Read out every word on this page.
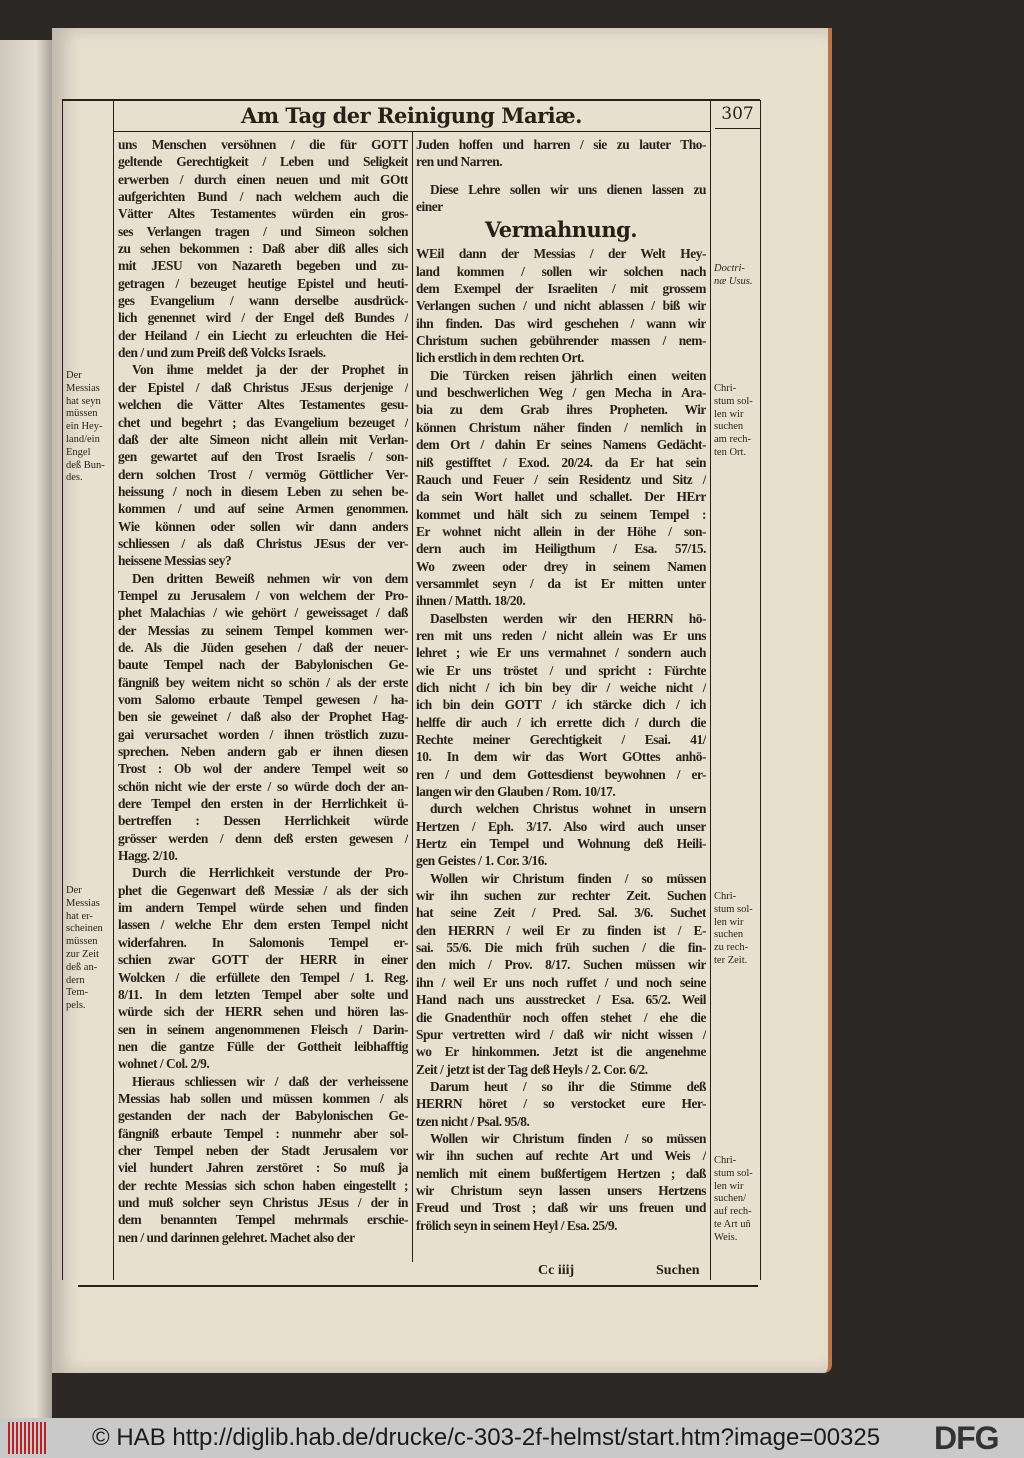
Am Tag der Reinigung Mariæ.	307
uns Menschen versöhnen / die für GOTT
geltende Gerechtigkeit / Leben und Seligkeit
erwerben / durch einen neuen und mit GOtt
aufgerichten Bund / nach welchem auch die
Vätter Altes Testamentes würden ein gros-
ses Verlangen tragen / und Simeon solchen
zu sehen bekommen : Daß aber diß alles sich
mit JESU von Nazareth begeben und zu-
getragen / bezeuget heutige Epistel und heuti-
ges Evangelium / wann derselbe ausdrück-
lich genennet wird / der Engel deß Bundes /
der Heiland / ein Liecht zu erleuchten die Hei-
den / und zum Preiß deß Volcks Israels.
Von ihme meldet ja der der Prophet in
der Epistel / daß Christus JEsus derjenige /
welchen die Vätter Altes Testamentes gesu-
chet und begehrt ; das Evangelium bezeuget /
daß der alte Simeon nicht allein mit Verlan-
gen gewartet auf den Trost Israelis / son-
dern solchen Trost / vermög Göttlicher Ver-
heissung / noch in diesem Leben zu sehen be-
kommen / und auf seine Armen genommen.
Wie können oder sollen wir dann anders
schliessen / als daß Christus JEsus der ver-
heissene Messias sey?
Den dritten Beweiß nehmen wir von dem
Tempel zu Jerusalem / von welchem der Pro-
phet Malachias / wie gehört / geweissaget / daß
der Messias zu seinem Tempel kommen wer-
de. Als die Jüden gesehen / daß der neuer-
baute Tempel nach der Babylonischen Ge-
fängniß bey weitem nicht so schön / als der erste
vom Salomo erbaute Tempel gewesen / ha-
ben sie geweinet / daß also der Prophet Hag-
gai verursachet worden / ihnen tröstlich zuzu-
sprechen. Neben andern gab er ihnen diesen
Trost : Ob wol der andere Tempel weit so
schön nicht wie der erste / so würde doch der an-
dere Tempel den ersten in der Herrlichkeit ü-
bertreffen : Dessen Herrlichkeit würde
grösser werden / denn deß ersten gewesen /
Hagg. 2/10.
Durch die Herrlichkeit verstunde der Pro-
phet die Gegenwart deß Messiæ / als der sich
im andern Tempel würde sehen und finden
lassen / welche Ehr dem ersten Tempel nicht
widerfahren. In Salomonis Tempel er-
schien zwar GOTT der HERR in einer
Wolcken / die erfüllete den Tempel / 1. Reg.
8/11. In dem letzten Tempel aber solte und
würde sich der HERR sehen und hören las-
sen in seinem angenommenen Fleisch / Darin-
nen die gantze Fülle der Gottheit leibhafftig
wohnet / Col. 2/9.
Hieraus schliessen wir / daß der verheissene
Messias hab sollen und müssen kommen / als
gestanden der nach der Babylonischen Ge-
fängniß erbaute Tempel : nunmehr aber sol-
cher Tempel neben der Stadt Jerusalem vor
viel hundert Jahren zerstöret : So muß ja
der rechte Messias sich schon haben eingestellt ;
und muß solcher seyn Christus JEsus / der in
dem benannten Tempel mehrmals erschie-
nen / und darinnen gelehret. Machet also der
Juden hoffen und harren / sie zu lauter Tho-
ren und Narren.
Diese Lehre sollen wir uns dienen lassen zu
einer
Vermahnung.
WEil dann der Messias / der Welt Hey-
land kommen / sollen wir solchen nach
dem Exempel der Israeliten / mit grossem
Verlangen suchen / und nicht ablassen / biß wir
ihn finden. Das wird geschehen / wann wir
Christum suchen gebührender massen / nem-
lich erstlich in dem rechten Ort.
Die Türcken reisen jährlich einen weiten
und beschwerlichen Weg / gen Mecha in Ara-
bia zu dem Grab ihres Propheten. Wir
können Christum näher finden / nemlich in
dem Ort / dahin Er seines Namens Gedächt-
niß gestifftet / Exod. 20/24. da Er hat sein
Rauch und Feuer / sein Residentz und Sitz /
da sein Wort hallet und schallet. Der HErr
kommet und hält sich zu seinem Tempel :
Er wohnet nicht allein in der Höhe / son-
dern auch im Heiligthum / Esa. 57/15.
Wo zween oder drey in seinem Namen
versammlet seyn / da ist Er mitten unter
ihnen / Matth. 18/20.
Daselbsten werden wir den HERRN hö-
ren mit uns reden / nicht allein was Er uns
lehret ; wie Er uns vermahnet / sondern auch
wie Er uns tröstet / und spricht : Fürchte
dich nicht / ich bin bey dir / weiche nicht /
ich bin dein GOTT / ich stärcke dich / ich
helffe dir auch / ich errette dich / durch die
Rechte meiner Gerechtigkeit / Esai. 41/
10. In dem wir das Wort GOttes anhö-
ren / und dem Gottesdienst beywohnen / er-
langen wir den Glauben / Rom. 10/17.
durch welchen Christus wohnet in unsern
Hertzen / Eph. 3/17. Also wird auch unser
Hertz ein Tempel und Wohnung deß Heili-
gen Geistes / 1. Cor. 3/16.
Wollen wir Christum finden / so müssen
wir ihn suchen zur rechter Zeit. Suchen
hat seine Zeit / Pred. Sal. 3/6. Suchet
den HERRN / weil Er zu finden ist / E-
sai. 55/6. Die mich früh suchen / die fin-
den mich / Prov. 8/17. Suchen müssen wir
ihn / weil Er uns noch ruffet / und noch seine
Hand nach uns ausstrecket / Esa. 65/2. Weil
die Gnadenthür noch offen stehet / ehe die
Spur vertretten wird / daß wir nicht wissen /
wo Er hinkommen. Jetzt ist die angenehme
Zeit / jetzt ist der Tag deß Heyls / 2. Cor. 6/2.
Darum heut / so ihr die Stimme deß
HERRN höret / so verstocket eure Her-
tzen nicht / Psal. 95/8.
Wollen wir Christum finden / so müssen
wir ihn suchen auf rechte Art und Weis /
nemlich mit einem bußfertigem Hertzen ; daß
wir Christum seyn lassen unsers Hertzens
Freud und Trost ; daß wir uns freuen und
frölich seyn in seinem Heyl / Esa. 25/9.
Der
Messias
hat seyn
müssen
ein Hey-
land/ein
Engel
deß Bun-
des.
Der
Messias
hat er-
scheinen
müssen
zur Zeit
deß an-
dern
Tem-
pels.
Doctri-
næ Usus.
Chri-
stum sol-
len wir
suchen
am rech-
ten Ort.
Chri-
stum sol-
len wir
suchen
zu rech-
ter Zeit.
Chri-
stum sol-
len wir
suchen/
auf rech-
te Art uñ
Weis.
Cc iiij	Suchen
© HAB http://diglib.hab.de/drucke/c-303-2f-helmst/start.htm?image=00325 DFG
